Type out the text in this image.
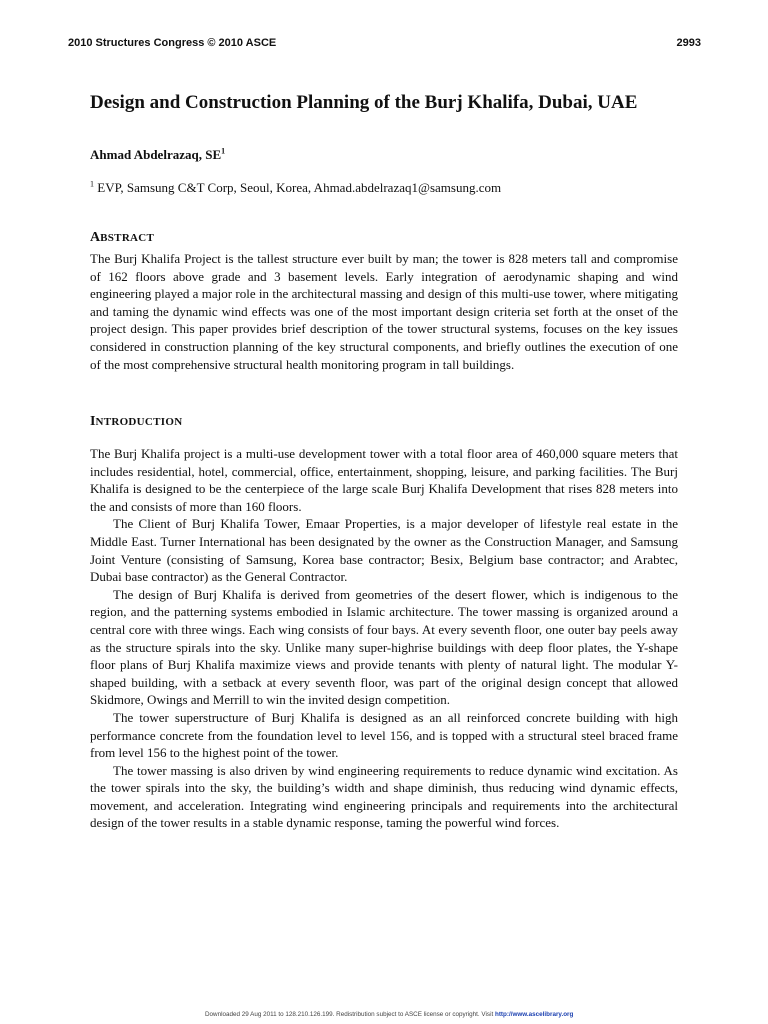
2010 Structures Congress © 2010 ASCE	2993
Design and Construction Planning of the Burj Khalifa, Dubai, UAE
Ahmad Abdelrazaq, $SE^1$
$^1$ EVP, Samsung C&T Corp, Seoul, Korea, Ahmad.abdelrazaq1@samsung.com
ABSTRACT

The Burj Khalifa Project is the tallest structure ever built by man; the tower is 828 meters tall and compromise of 162 floors above grade and 3 basement levels. Early integration of aerodynamic shaping and wind engineering played a major role in the architectural massing and design of this multi-use tower, where mitigating and taming the dynamic wind effects was one of the most important design criteria set forth at the onset of the project design. This paper provides brief description of the tower structural systems, focuses on the key issues considered in construction planning of the key structural components, and briefly outlines the execution of one of the most comprehensive structural health monitoring program in tall buildings.

INTRODUCTION

The Burj Khalifa project is a multi-use development tower with a total floor area of 460,000 square meters that includes residential, hotel, commercial, office, entertainment, shopping, leisure, and parking facilities. The Burj Khalifa is designed to be the centerpiece of the large scale Burj Khalifa Development that rises 828 meters into the and consists of more than 160 floors.

The Client of Burj Khalifa Tower, Emaar Properties, is a major developer of lifestyle real estate in the Middle East. Turner International has been designated by the owner as the Construction Manager, and Samsung Joint Venture (consisting of Samsung, Korea base contractor; Besix, Belgium base contractor; and Arabtec, Dubai base contractor) as the General Contractor.

The design of Burj Khalifa is derived from geometries of the desert flower, which is indigenous to the region, and the patterning systems embodied in Islamic architecture. The tower massing is organized around a central core with three wings. Each wing consists of four bays. At every seventh floor, one outer bay peels away as the structure spirals into the sky. Unlike many super-highrise buildings with deep floor plates, the Y-shape floor plans of Burj Khalifa maximize views and provide tenants with plenty of natural light. The modular Y-shaped building, with a setback at every seventh floor, was part of the original design concept that allowed Skidmore, Owings and Merrill to win the invited design competition.

The tower superstructure of Burj Khalifa is designed as an all reinforced concrete building with high performance concrete from the foundation level to level 156, and is topped with a structural steel braced frame from level 156 to the highest point of the tower.

The tower massing is also driven by wind engineering requirements to reduce dynamic wind excitation. As the tower spirals into the sky, the building’s width and shape diminish, thus reducing wind dynamic effects, movement, and acceleration. Integrating wind engineering principals and requirements into the architectural design of the tower results in a stable dynamic response, taming the powerful wind forces.

Downloaded 29 Aug 2011 to 128.210.126.199. Redistribution subject to ASCE license or copyright. Visit http://www.ascelibrary.org
